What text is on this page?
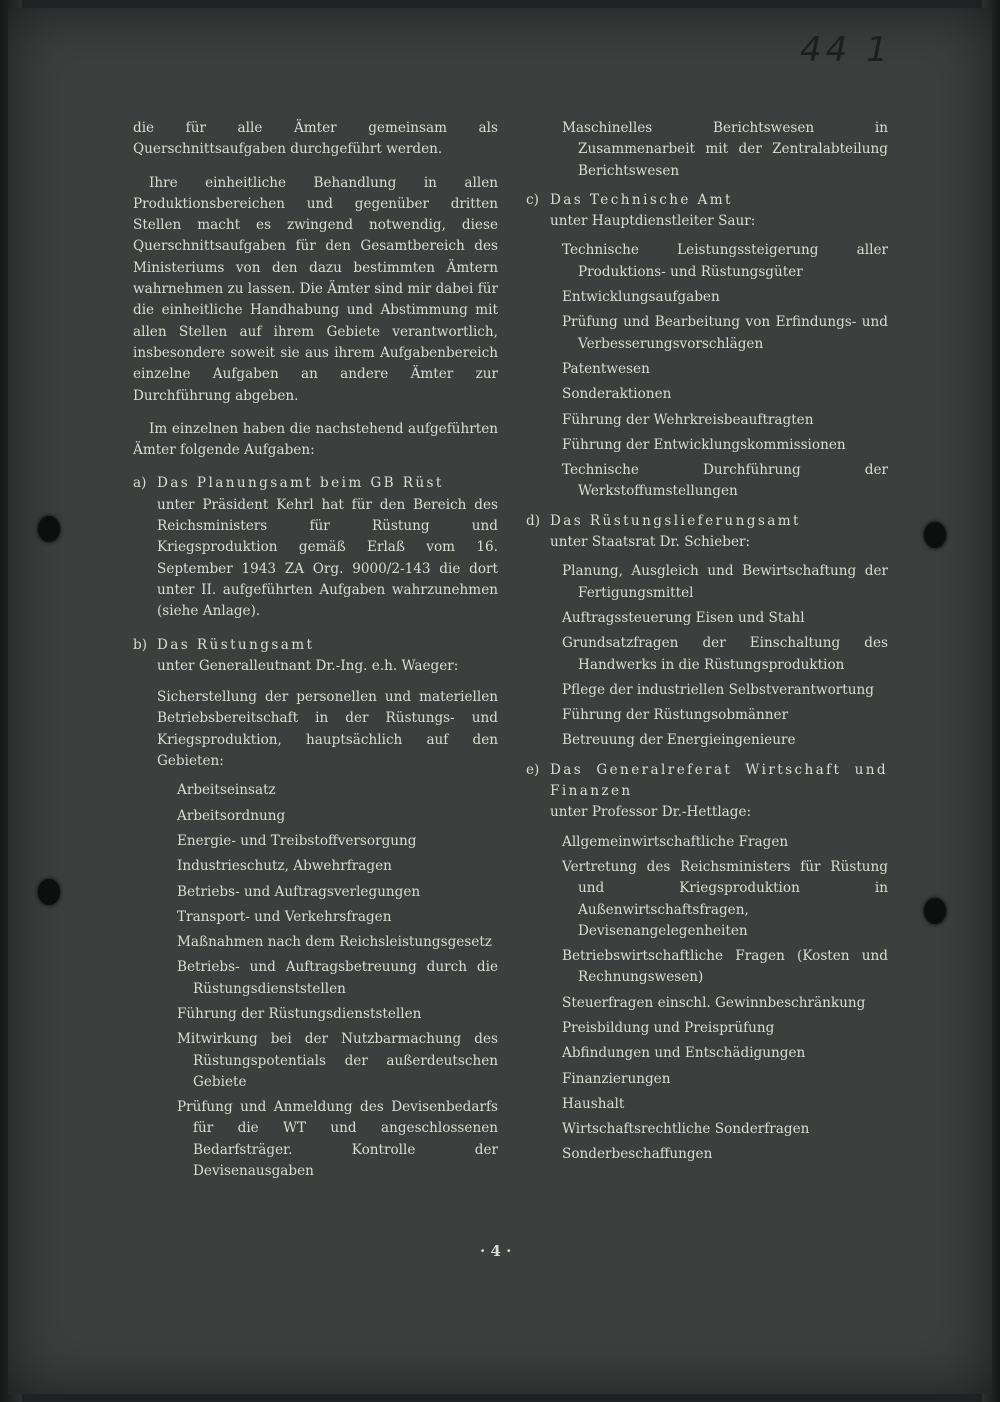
44 1

die für alle Ämter gemeinsam als Querschnittsaufgaben durchgeführt werden.

Ihre einheitliche Behandlung in allen Produktionsbereichen und gegenüber dritten Stellen macht es zwingend notwendig, diese Querschnittsaufgaben für den Gesamtbereich des Ministeriums von den dazu bestimmten Ämtern wahrnehmen zu lassen. Die Ämter sind mir dabei für die einheitliche Handhabung und Abstimmung mit allen Stellen auf ihrem Gebiete verantwortlich, insbesondere soweit sie aus ihrem Aufgabenbereich einzelne Aufgaben an andere Ämter zur Durchführung abgeben.

Im einzelnen haben die nachstehend aufgeführten Ämter folgende Aufgaben:

a) Das Planungsamt beim GB Rüst

unter Präsident Kehrl hat für den Bereich des Reichsministers für Rüstung und Kriegsproduktion gemäß Erlaß vom 16. September 1943 ZA Org. 9000/2-143 die dort unter II. aufgeführten Aufgaben wahrzunehmen (siehe Anlage).

b) Das Rüstungsamt
unter Generalleutnant Dr.-Ing. e.h. Waeger:

Sicherstellung der personellen und materiellen Betriebsbereitschaft in der Rüstungs- und Kriegsproduktion, hauptsächlich auf den Gebieten:

Arbeitseinsatz
Arbeitsordnung
Energie- und Treibstoffversorgung
Industrieschutz, Abwehrfragen
Betriebs- und Auftragsverlegungen
Transport- und Verkehrsfragen
Maßnahmen nach dem Reichsleistungsgesetz
Betriebs- und Auftragsbetreuung durch die Rüstungsdienststellen
Führung der Rüstungsdienststellen
Mitwirkung bei der Nutzbarmachung des Rüstungspotentials der außerdeutschen Gebiete
Prüfung und Anmeldung des Devisenbedarfs für die WT und angeschlossenen Bedarfsträger. Kontrolle der Devisenausgaben
Maschinelles Berichtswesen in Zusammenarbeit mit der Zentralabteilung Berichtswesen
c) Das Technische Amt
unter Hauptdienstleiter Saur:
Technische Leistungssteigerung aller Produktions- und Rüstungsgüter
Entwicklungsaufgaben
Prüfung und Bearbeitung von Erfindungs- und Verbesserungsvorschlägen
Patentwesen
Sonderaktionen
Führung der Wehrkreisbeauftragten
Führung der Entwicklungskommissionen
Technische Durchführung der Werkstoffumstellungen
d) Das Rüstungslieferungsamt
unter Staatsrat Dr. Schieber:
Planung, Ausgleich und Bewirtschaftung der Fertigungsmittel
Auftragssteuerung Eisen und Stahl
Grundsatzfragen der Einschaltung des Handwerks in die Rüstungsproduktion
Pflege der industriellen Selbstverantwortung
Führung der Rüstungsobmänner
Betreuung der Energieingenieure
e) Das Generalreferat Wirtschaft und Finanzen
unter Professor Dr.-Hettlage:
Allgemeinwirtschaftliche Fragen
Vertretung des Reichsministers für Rüstung und Kriegsproduktion in Außenwirtschaftsfragen, Devisenangelegenheiten
Betriebswirtschaftliche Fragen (Kosten und Rechnungswesen)
Steuerfragen einschl. Gewinnbeschränkung
Preisbildung und Preisprüfung
Abfindungen und Entschädigungen
Finanzierungen
Haushalt
Wirtschaftsrechtliche Sonderfragen
Sonderbeschaffungen
· 4 ·
